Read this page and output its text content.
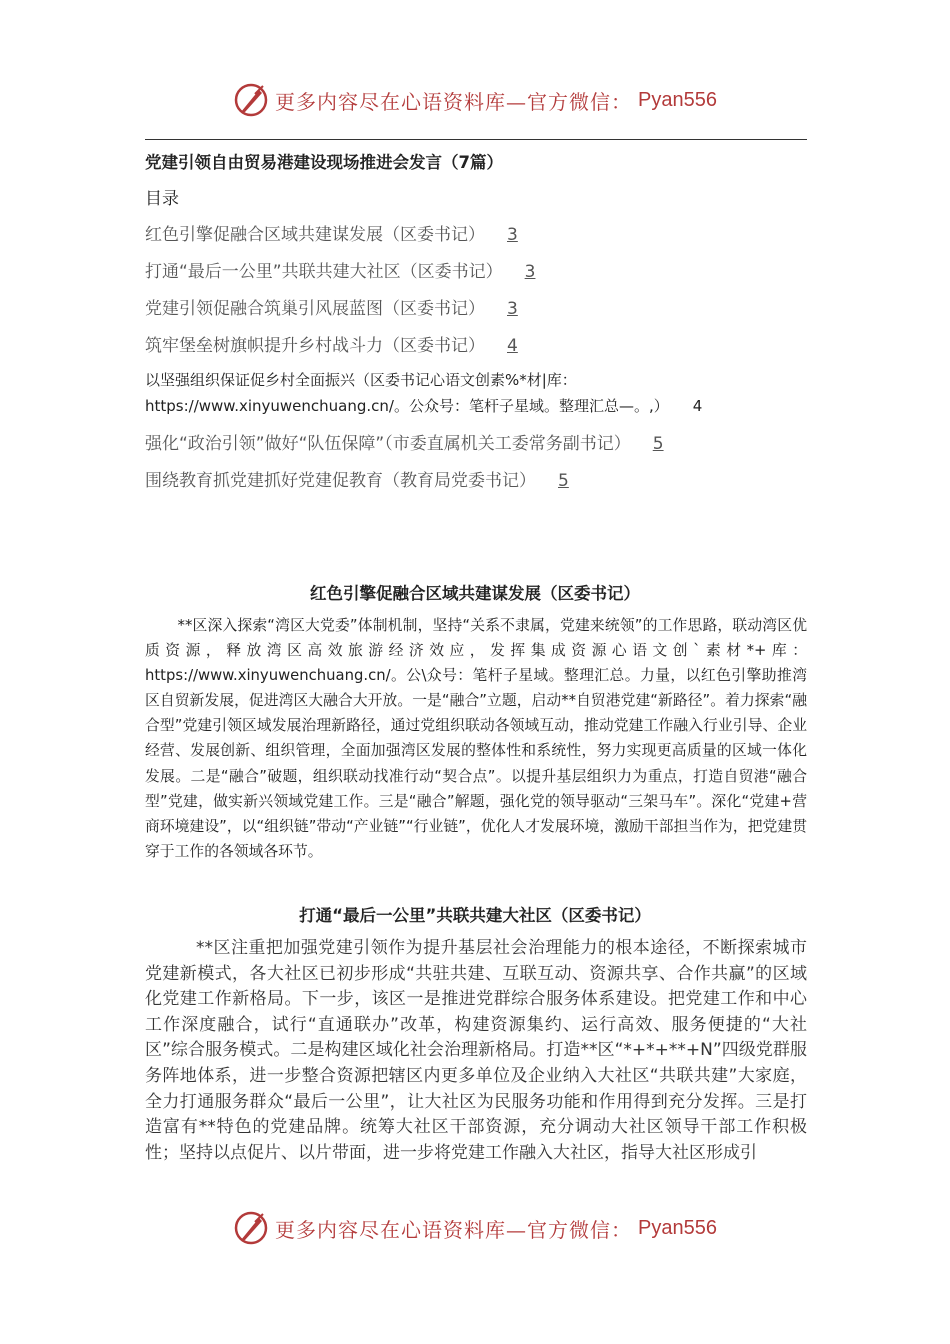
更多内容尽在心语资料库—官方微信： Pyan556
党建引领自由贸易港建设现场推进会发言（7篇）
目录
红色引擎促融合区域共建谋发展（区委书记） 3
打通“最后一公里”共联共建大社区（区委书记） 3
党建引领促融合筑巢引风展蓝图（区委书记） 3
筑牢堡垒树旗帜提升乡村战斗力（区委书记） 4
以坚强组织保证促乡村全面振兴（区委书记心语文创素%*材|库：https://www.xinyuwenchuang.cn/。公众号：笔杆子星域。整理汇总—。,） 4
强化“政治引领”做好“队伍保障”（市委直属机关工委常务副书记） 5
围绕教育抓党建抓好党建促教育（教育局党委书记） 5
红色引擎促融合区域共建谋发展（区委书记）
**区深入探索“湾区大党委”体制机制，坚持“关系不隶属，党建来统领”的工作思路，联动湾区优质资源，释放湾区高效旅游经济效应，发挥集成资源心语文创`素材*+库：https://www.xinyuwenchuang.cn/。公\众号：笔杆子星域。整理汇总。力量，以红色引擎助推湾区自贸新发展，促进湾区大融合大开放。一是“融合”立题，启动**自贸港党建“新路径”。着力探索“融合型”党建引领区域发展治理新路径，通过党组织联动各领域互动，推动党建工作融入行业引导、企业经营、发展创新、组织管理，全面加强湾区发展的整体性和系统性，努力实现更高质量的区域一体化发展。二是“融合”破题，组织联动找准行动“契合点”。以提升基层组织力为重点，打造自贸港“融合型”党建，做实新兴领域党建工作。三是“融合”解题，强化党的领导驱动“三架马车”。深化“党建+营商环境建设”，以“组织链”带动“产业链”“行业链”，优化人才发展环境，激励干部担当作为，把党建贯穿于工作的各领域各环节。
打通“最后一公里”共联共建大社区（区委书记）
**区注重把加强党建引领作为提升基层社会治理能力的根本途径，不断探索城市党建新模式，各大社区已初步形成“共驻共建、互联互动、资源共享、合作共赢”的区域化党建工作新格局。下一步，该区一是推进党群综合服务体系建设。把党建工作和中心工作深度融合，试行“直通联办”改革，构建资源集约、运行高效、服务便捷的“大社区”综合服务模式。二是构建区域化社会治理新格局。打造**区“*+*+**+N”四级党群服务阵地体系，进一步整合资源把辖区内更多单位及企业纳入大社区“共联共建”大家庭，全力打通服务群众“最后一公里”，让大社区为民服务功能和作用得到充分发挥。三是打造富有**特色的党建品牌。统筹大社区干部资源，充分调动大社区领导干部工作积极性；坚持以点促片、以片带面，进一步将党建工作融入大社区，指导大社区形成引
更多内容尽在心语资料库—官方微信： Pyan556
